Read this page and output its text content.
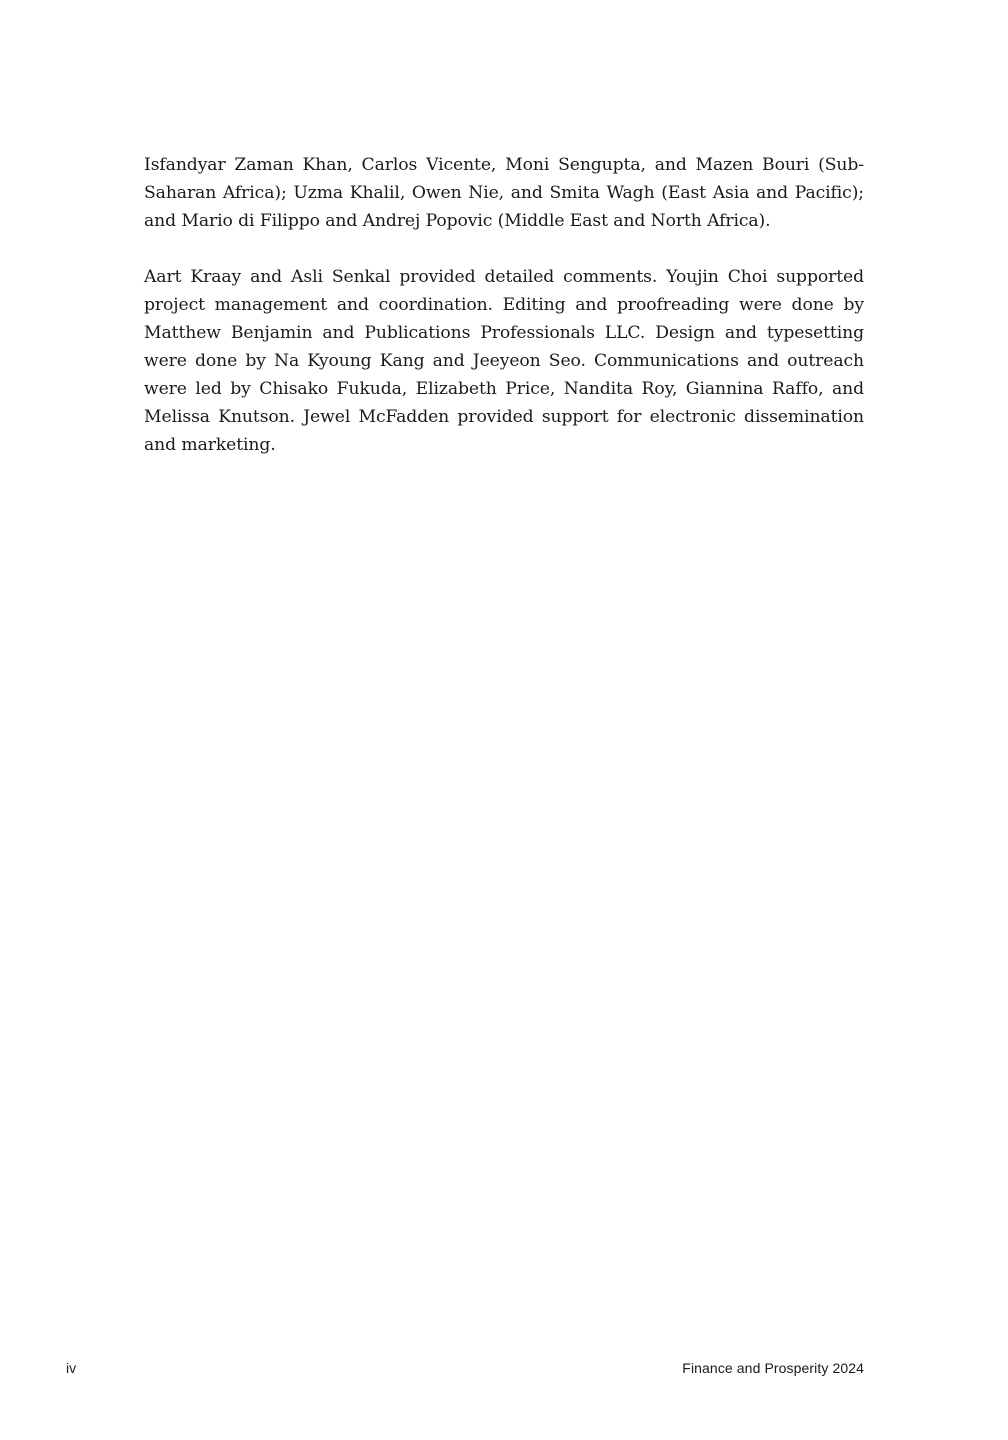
Isfandyar Zaman Khan, Carlos Vicente, Moni Sengupta, and Mazen Bouri (Sub-Saharan Africa); Uzma Khalil, Owen Nie, and Smita Wagh (East Asia and Pacific); and Mario di Filippo and Andrej Popovic (Middle East and North Africa).

Aart Kraay and Asli Senkal provided detailed comments. Youjin Choi supported project management and coordination. Editing and proofreading were done by Matthew Benjamin and Publications Professionals LLC. Design and typesetting were done by Na Kyoung Kang and Jeeyeon Seo. Communications and outreach were led by Chisako Fukuda, Elizabeth Price, Nandita Roy, Giannina Raffo, and Melissa Knutson. Jewel McFadden provided support for electronic dissemination and marketing.

iv	Finance and Prosperity 2024
